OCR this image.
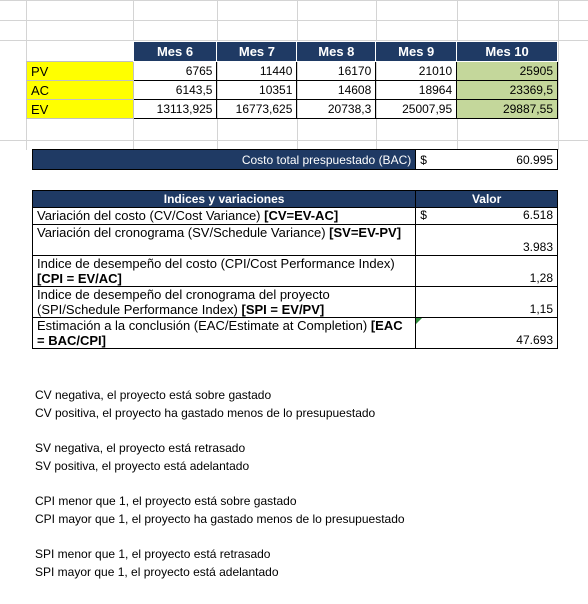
	Mes 6	Mes 7	Mes 8	Mes 9	Mes 10
PV	6765	11440	16170	21010	25905
AC	6143,5	10351	14608	18964	23369,5
EV	13113,925	16773,625	20738,3	25007,95	29887,55
Costo total prespuestado (BAC)	$	60.995
Indices y variaciones	Valor
Variación del costo (CV/Cost Variance) [CV=EV-AC]	$ 6.518

Variación del cronograma (SV/Schedule Variance) [SV=EV-PV]	3.983

Indice de desempeño del costo (CPI/Cost Performance Index) [CPI = EV/AC]	1,28

Indice de desempeño del cronograma del proyecto (SPI/Schedule Performance Index) [SPI = EV/PV]	1,15

Estimación a la conclusión (EAC/Estimate at Completion) [EAC = BAC/CPI]	47.693

CV negativa, el proyecto está sobre gastado

CV positiva, el proyecto ha gastado menos de lo presupuestado

SV negativa, el proyecto está retrasado

SV positiva, el proyecto está adelantado

CPI menor que 1, el proyecto está sobre gastado

CPI mayor que 1, el proyecto ha gastado menos de lo presupuestado

SPI menor que 1, el proyecto está retrasado

SPI mayor que 1, el proyecto está adelantado
